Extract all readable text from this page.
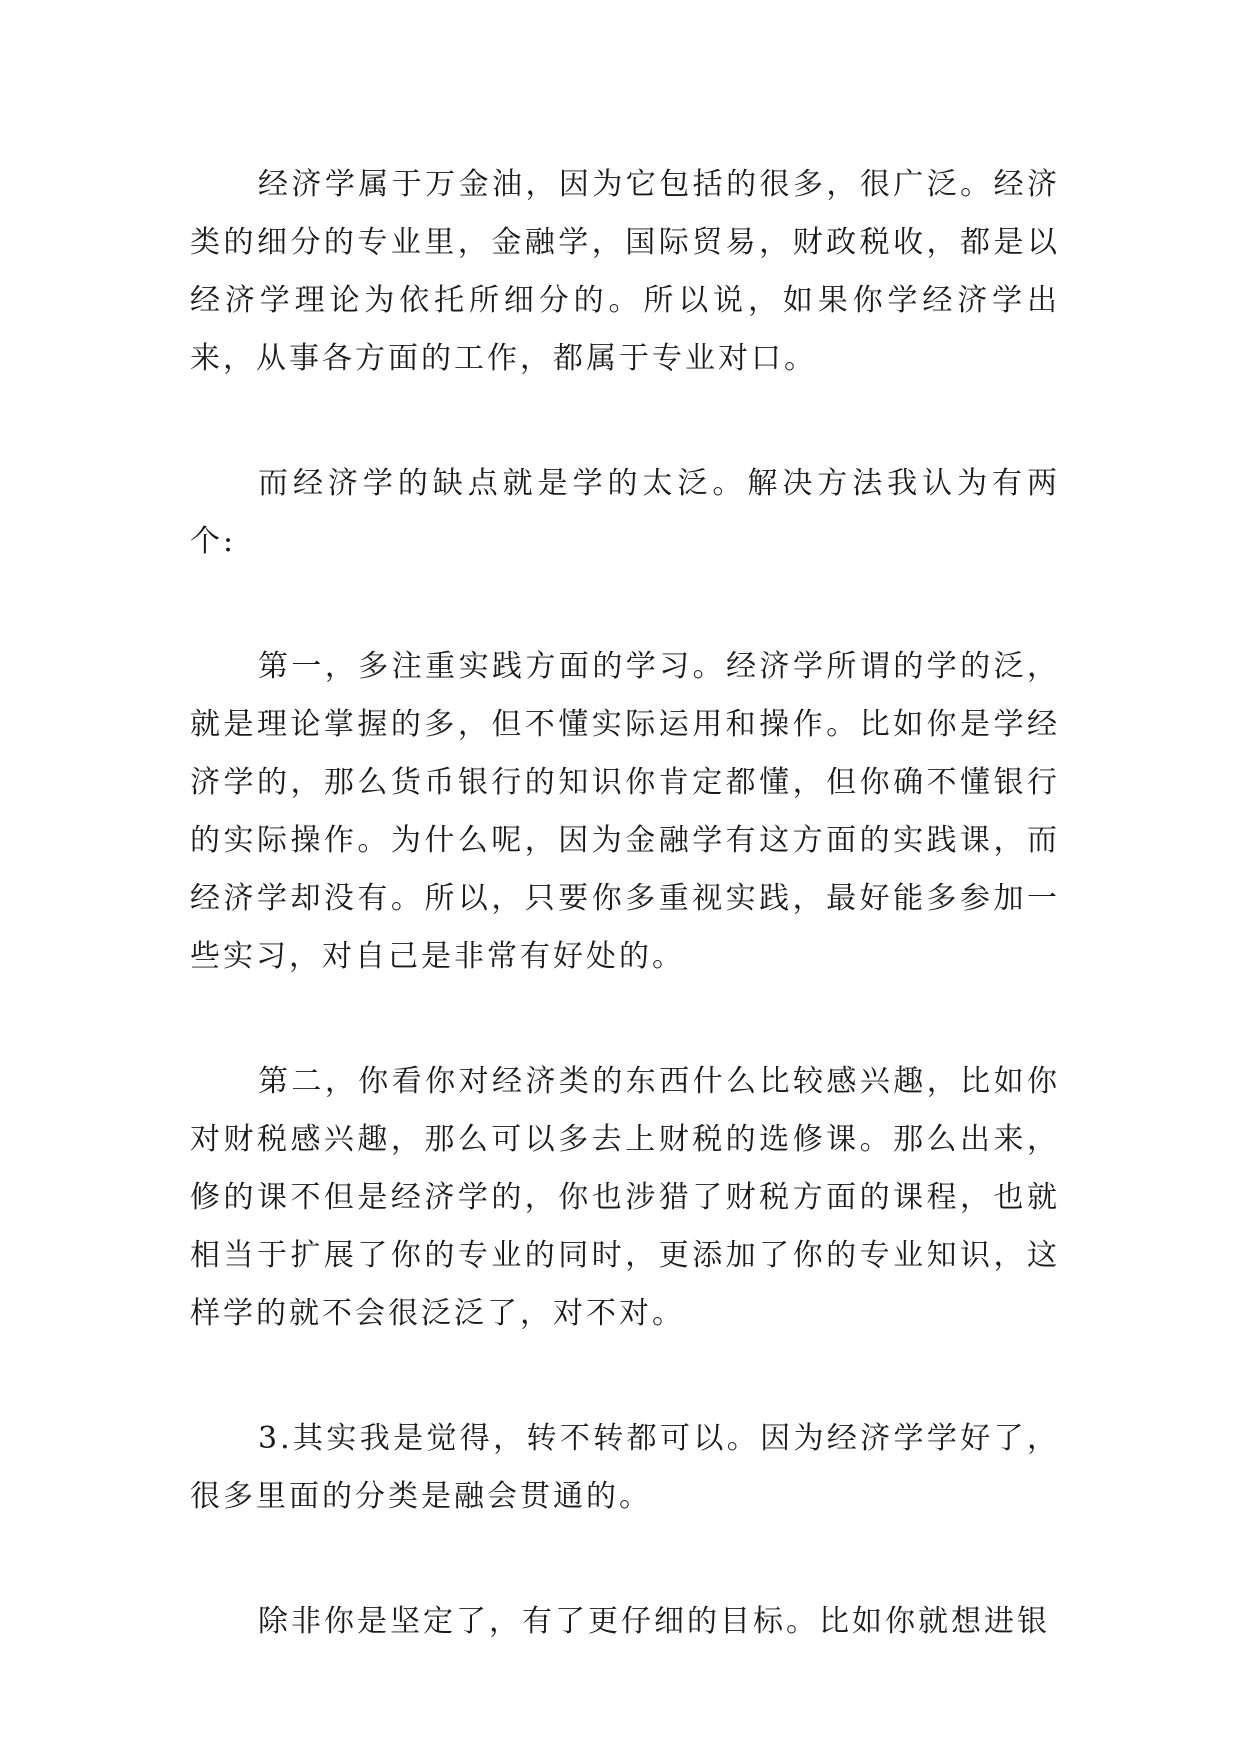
经济学属于万金油，因为它包括的很多，很广泛。经济类的细分的专业里，金融学，国际贸易，财政税收，都是以经济学理论为依托所细分的。所以说，如果你学经济学出来，从事各方面的工作，都属于专业对口。

而经济学的缺点就是学的太泛。解决方法我认为有两个:

第一，多注重实践方面的学习。经济学所谓的学的泛，就是理论掌握的多，但不懂实际运用和操作。比如你是学经济学的，那么货币银行的知识你肯定都懂，但你确不懂银行的实际操作。为什么呢，因为金融学有这方面的实践课，而经济学却没有。所以，只要你多重视实践，最好能多参加一些实习，对自己是非常有好处的。

第二，你看你对经济类的东西什么比较感兴趣，比如你对财税感兴趣，那么可以多去上财税的选修课。那么出来，修的课不但是经济学的，你也涉猎了财税方面的课程，也就相当于扩展了你的专业的同时，更添加了你的专业知识，这样学的就不会很泛泛了，对不对。

3.其实我是觉得，转不转都可以。因为经济学学好了，很多里面的分类是融会贯通的。

除非你是坚定了，有了更仔细的目标。比如你就想进银
